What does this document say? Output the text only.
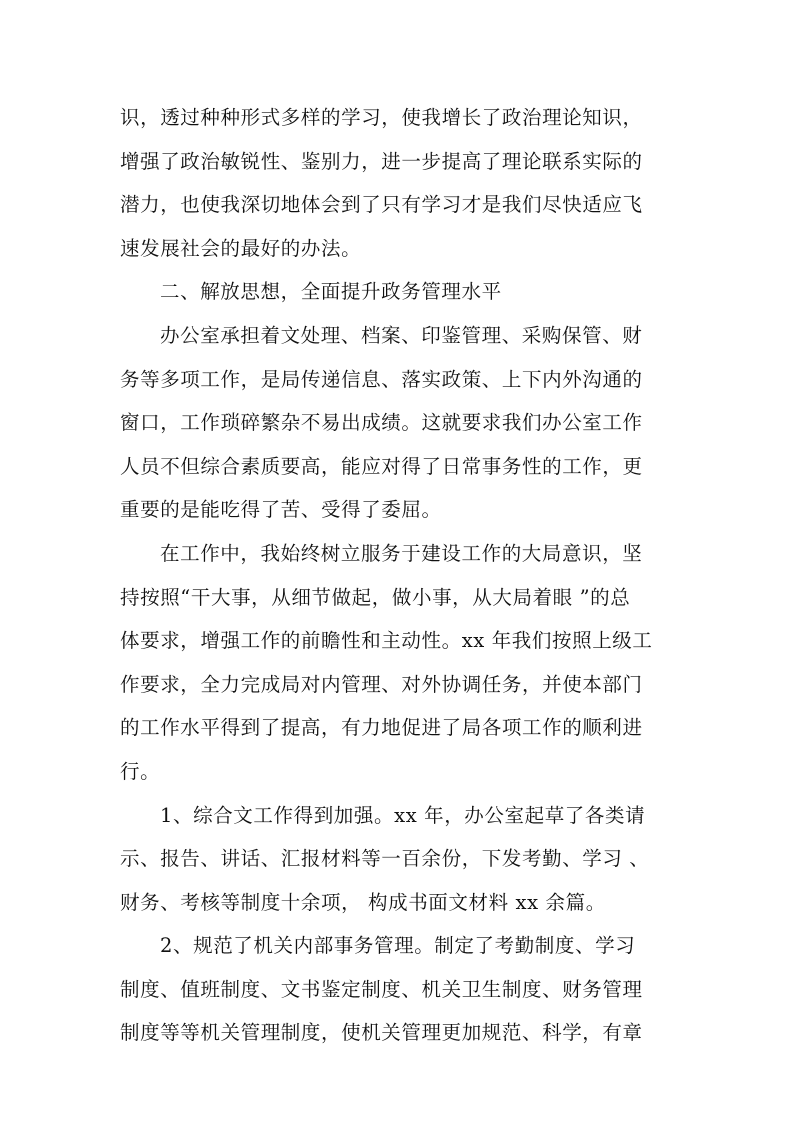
识，透过种种形式多样的学习，使我增长了政治理论知识，
增强了政治敏锐性、鉴别力，进一步提高了理论联系实际的
潜力，也使我深切地体会到了只有学习才是我们尽快适应飞
速发展社会的最好的办法。
二、解放思想，全面提升政务管理水平
办公室承担着文处理、档案、印鉴管理、采购保管、财
务等多项工作，是局传递信息、落实政策、上下内外沟通的
窗口，工作琐碎繁杂不易出成绩。这就要求我们办公室工作
人员不但综合素质要高，能应对得了日常事务性的工作，更
重要的是能吃得了苦、受得了委屈。
在工作中，我始终树立服务于建设工作的大局意识，坚
持按照“干大事，从细节做起，做小事，从大局着眼 ”的总
体要求，增强工作的前瞻性和主动性。xx 年我们按照上级工
作要求，全力完成局对内管理、对外协调任务，并使本部门
的工作水平得到了提高，有力地促进了局各项工作的顺利进
行。
1、综合文工作得到加强。xx 年，办公室起草了各类请
示、报告、讲话、汇报材料等一百余份，下发考勤、学习 、
财务、考核等制度十余项， 构成书面文材料 xx 余篇。
2、规范了机关内部事务管理。制定了考勤制度、学习
制度、值班制度、文书鉴定制度、机关卫生制度、财务管理
制度等等机关管理制度，使机关管理更加规范、科学，有章
